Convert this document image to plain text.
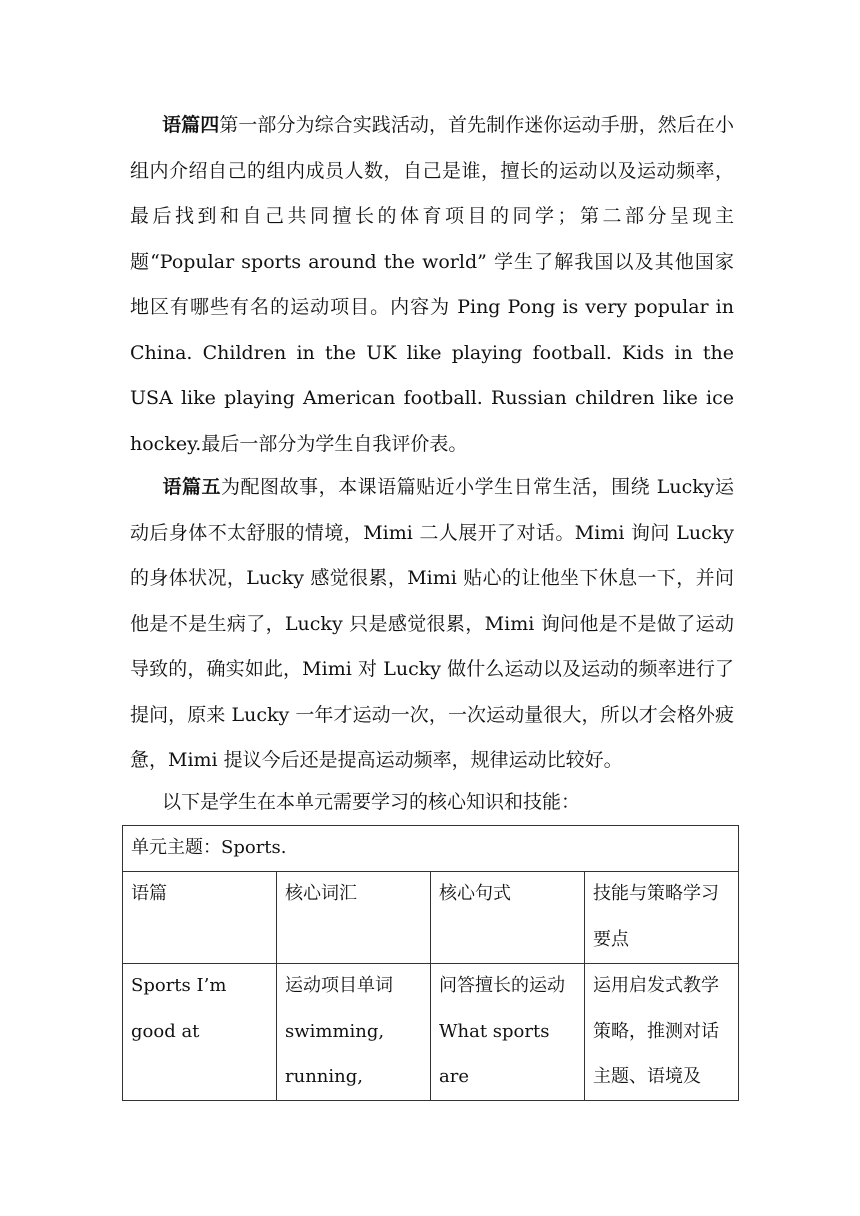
语篇四第一部分为综合实践活动，首先制作迷你运动手册，然后在小组内介绍自己的组内成员人数，自己是谁，擅长的运动以及运动频率，最后找到和自己共同擅长的体育项目的同学；第二部分呈现主题“Popular sports around the world” 学生了解我国以及其他国家地区有哪些有名的运动项目。内容为 Ping Pong is very popular in China. Children in the UK like playing football. Kids in the USA like playing American football. Russian children like ice hockey.最后一部分为学生自我评价表。

语篇五为配图故事，本课语篇贴近小学生日常生活，围绕 Lucky运动后身体不太舒服的情境，Mimi 二人展开了对话。Mimi 询问 Lucky的身体状况，Lucky 感觉很累，Mimi 贴心的让他坐下休息一下，并问他是不是生病了，Lucky 只是感觉很累，Mimi 询问他是不是做了运动导致的，确实如此，Mimi 对 Lucky 做什么运动以及运动的频率进行了提问，原来 Lucky 一年才运动一次，一次运动量很大，所以才会格外疲惫，Mimi 提议今后还是提高运动频率，规律运动比较好。

以下是学生在本单元需要学习的核心知识和技能：

单元主题：Sports.			

语篇	核心词汇	核心句式	技能与策略学习要点

Sports I’m good at	运动项目单词 swimming, running,	问答擅长的运动 What sports are	运用启发式教学策略，推测对话主题、语境及
